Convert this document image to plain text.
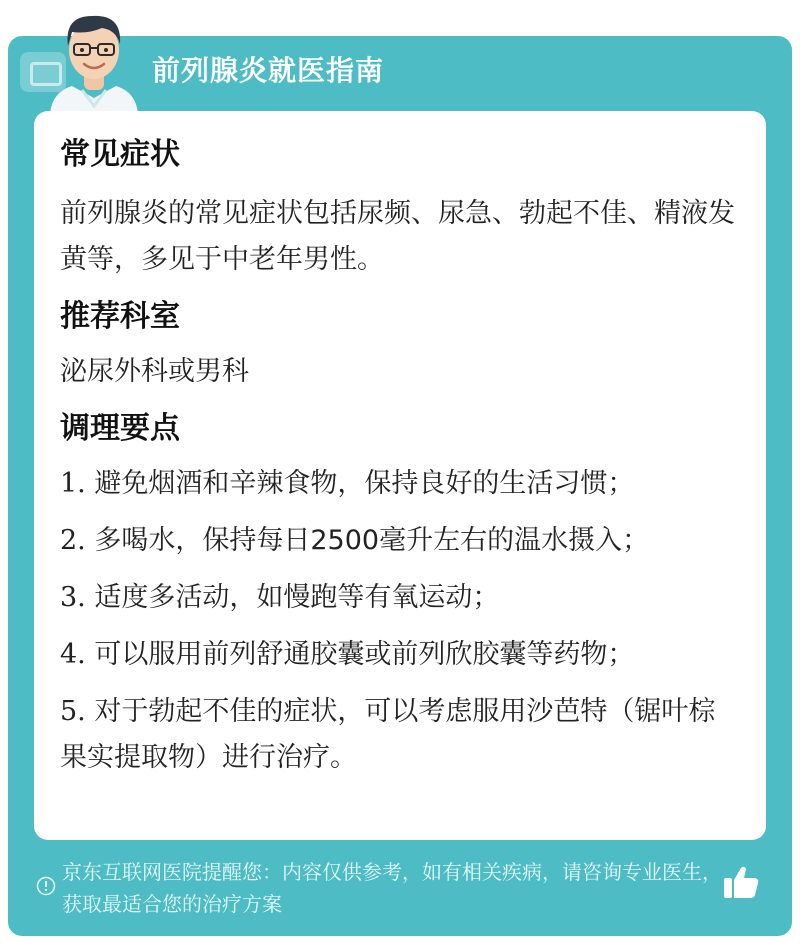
前列腺炎就医指南
常见症状
前列腺炎的常见症状包括尿频、尿急、勃起不佳、精液发黄等，多见于中老年男性。
推荐科室
泌尿外科或男科
调理要点
1. 避免烟酒和辛辣食物，保持良好的生活习惯；
2. 多喝水，保持每日2500毫升左右的温水摄入；
3. 适度多活动，如慢跑等有氧运动；
4. 可以服用前列舒通胶囊或前列欣胶囊等药物；
5. 对于勃起不佳的症状，可以考虑服用沙芭特（锯叶棕果实提取物）进行治疗。
京东互联网医院提醒您：内容仅供参考，如有相关疾病，请咨询专业医生，获取最适合您的治疗方案
